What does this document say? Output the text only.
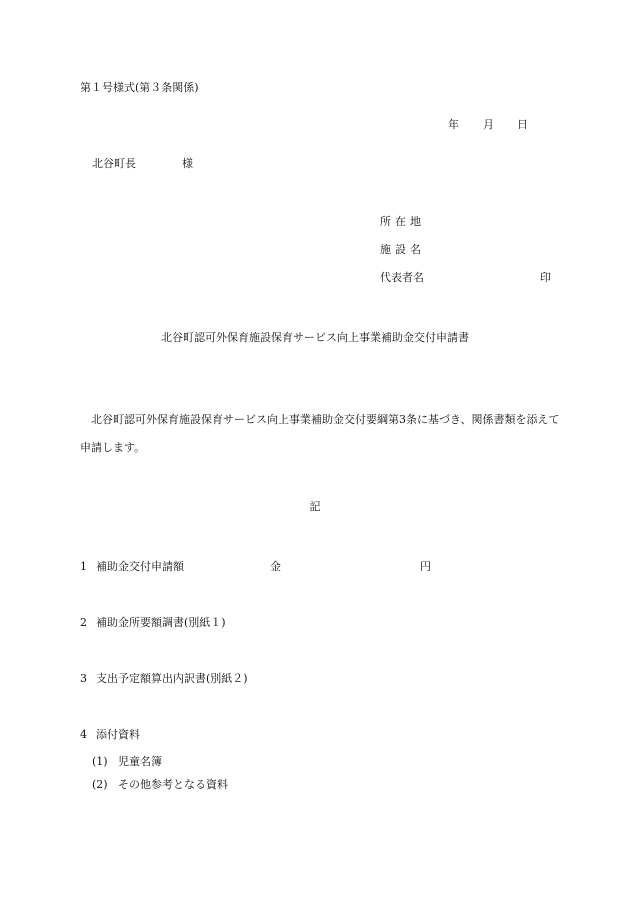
第１号様式(第３条関係)
年 月 日
北谷町長	様
所在地
施設名
代表者名	印
北谷町認可外保育施設保育サービス向上事業補助金交付申請書
北谷町認可外保育施設保育サービス向上事業補助金交付要綱第3条に基づき、関係書類を添えて申請します。
記
1 補助金交付申請額	金	円
2 補助金所要額調書(別紙１)
3 支出予定額算出内訳書(別紙２)
4 添付資料
(1) 児童名簿
(2) その他参考となる資料
